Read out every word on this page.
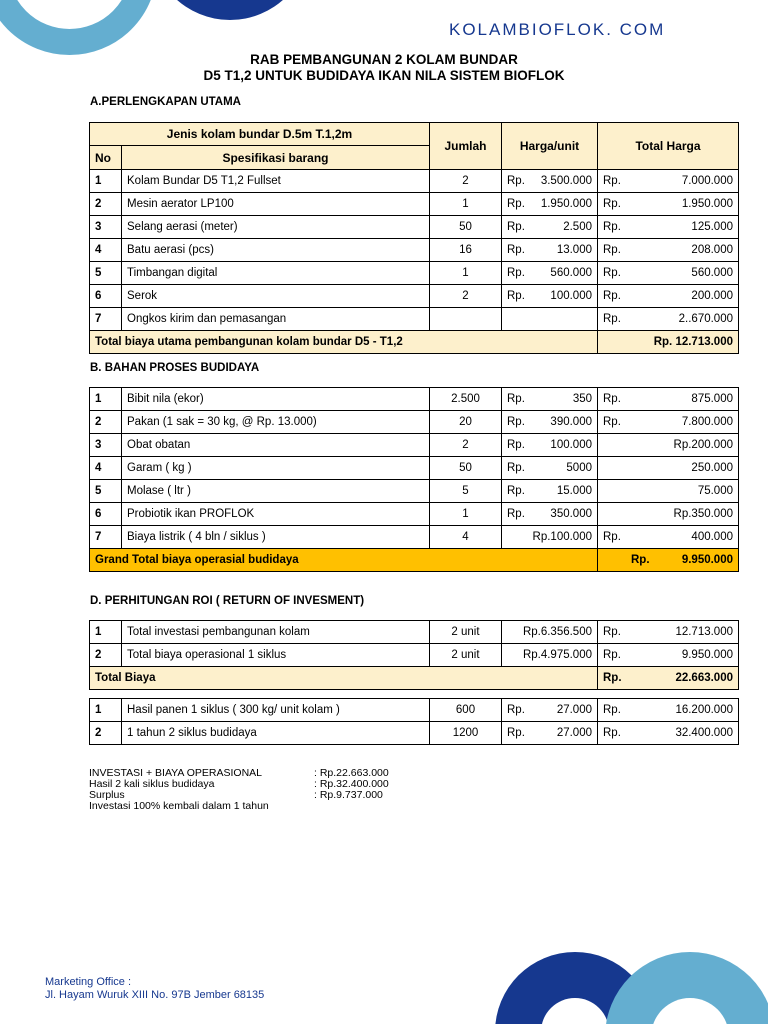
KOLAMBIOFLOK. COM
RAB PEMBANGUNAN 2 KOLAM BUNDAR
D5 T1,2 UNTUK BUDIDAYA IKAN NILA SISTEM BIOFLOK
A.PERLENGKAPAN UTAMA
Jenis kolam bundar D.5m T.1,2m		Jumlah	Harga/unit	Total Harga
No	Spesifikasi barang			
1	Kolam Bundar D5 T1,2 Fullset	2	Rp. 3.500.000	Rp. 7.000.000

2	Mesin aerator LP100	1	Rp. 1.950.000	Rp. 1.950.000

3	Selang aerasi (meter)	50	Rp. 2.500	Rp. 125.000

4	Batu aerasi (pcs)	16	Rp. 13.000	Rp. 208.000

5	Timbangan digital	1	Rp. 560.000	Rp. 560.000

6	Serok	2	Rp. 100.000	Rp. 200.000

7	Ongkos kirim dan pemasangan			Rp. 2..670.000

Total biaya utama pembangunan kolam bundar D5 - T1,2				Rp. 12.713.000
B. BAHAN PROSES BUDIDAYA
1	Bibit nila (ekor)	2.500	Rp. 350	Rp. 875.000

2	Pakan (1 sak = 30 kg, @ Rp. 13.000)	20	Rp. 390.000	Rp. 7.800.000

3	Obat obatan	2	Rp. 100.000	Rp.200.000

4	Garam ( kg )	50	Rp. 5000	250.000

5	Molase ( ltr )	5	Rp. 15.000	75.000

6	Probiotik ikan PROFLOK	1	Rp. 350.000	Rp.350.000

7	Biaya listrik ( 4 bln / siklus )	4	Rp.100.000	Rp. 400.000

Grand Total biaya operasial budidaya				Rp. 9.950.000
D. PERHITUNGAN ROI ( RETURN OF INVESMENT)
1	Total investasi pembangunan kolam	2 unit	Rp.6.356.500	Rp. 12.713.000

2	Total biaya operasional 1 siklus	2 unit	Rp.4.975.000	Rp. 9.950.000

Total Biaya				Rp. 22.663.000
1	Hasil panen 1 siklus ( 300 kg/ unit kolam )	600	Rp. 27.000	Rp. 16.200.000

2	1 tahun 2 siklus budidaya	1200	Rp. 27.000	Rp. 32.400.000
INVESTASI + BIAYA OPERASIONAL	: Rp.22.663.000
Hasil 2 kali siklus budidaya	: Rp.32.400.000
Surplus	: Rp.9.737.000
Investasi 100% kembali dalam 1 tahun
Marketing Office :
Jl. Hayam Wuruk XIII No. 97B Jember 68135
